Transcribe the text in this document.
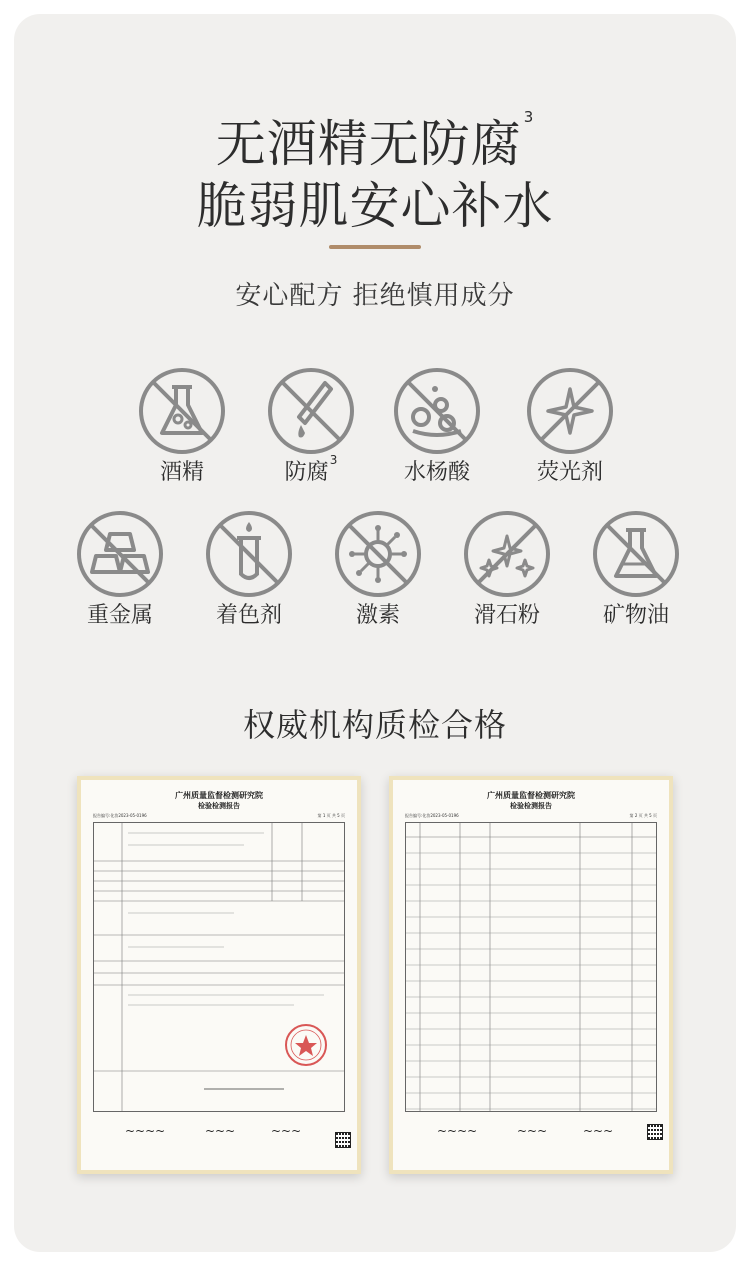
无酒精无防腐 $^3$
脆弱肌安心补水
安心配方 拒绝慎用成分
酒精	防腐$^3$	水杨酸	荧光剂
重金属	着色剂	激素	滑石粉	矿物油
权威机构质检合格
广州质量监督检测研究院
检验检测报告
报告编号:化妆2023-05-0196	第 1 页 共 5 页
~~~~	~~~	~~~
广州质量监督检测研究院
检验检测报告
报告编号:化妆2023-05-0196	第 2 页 共 5 页
~~~~	~~~	~~~
